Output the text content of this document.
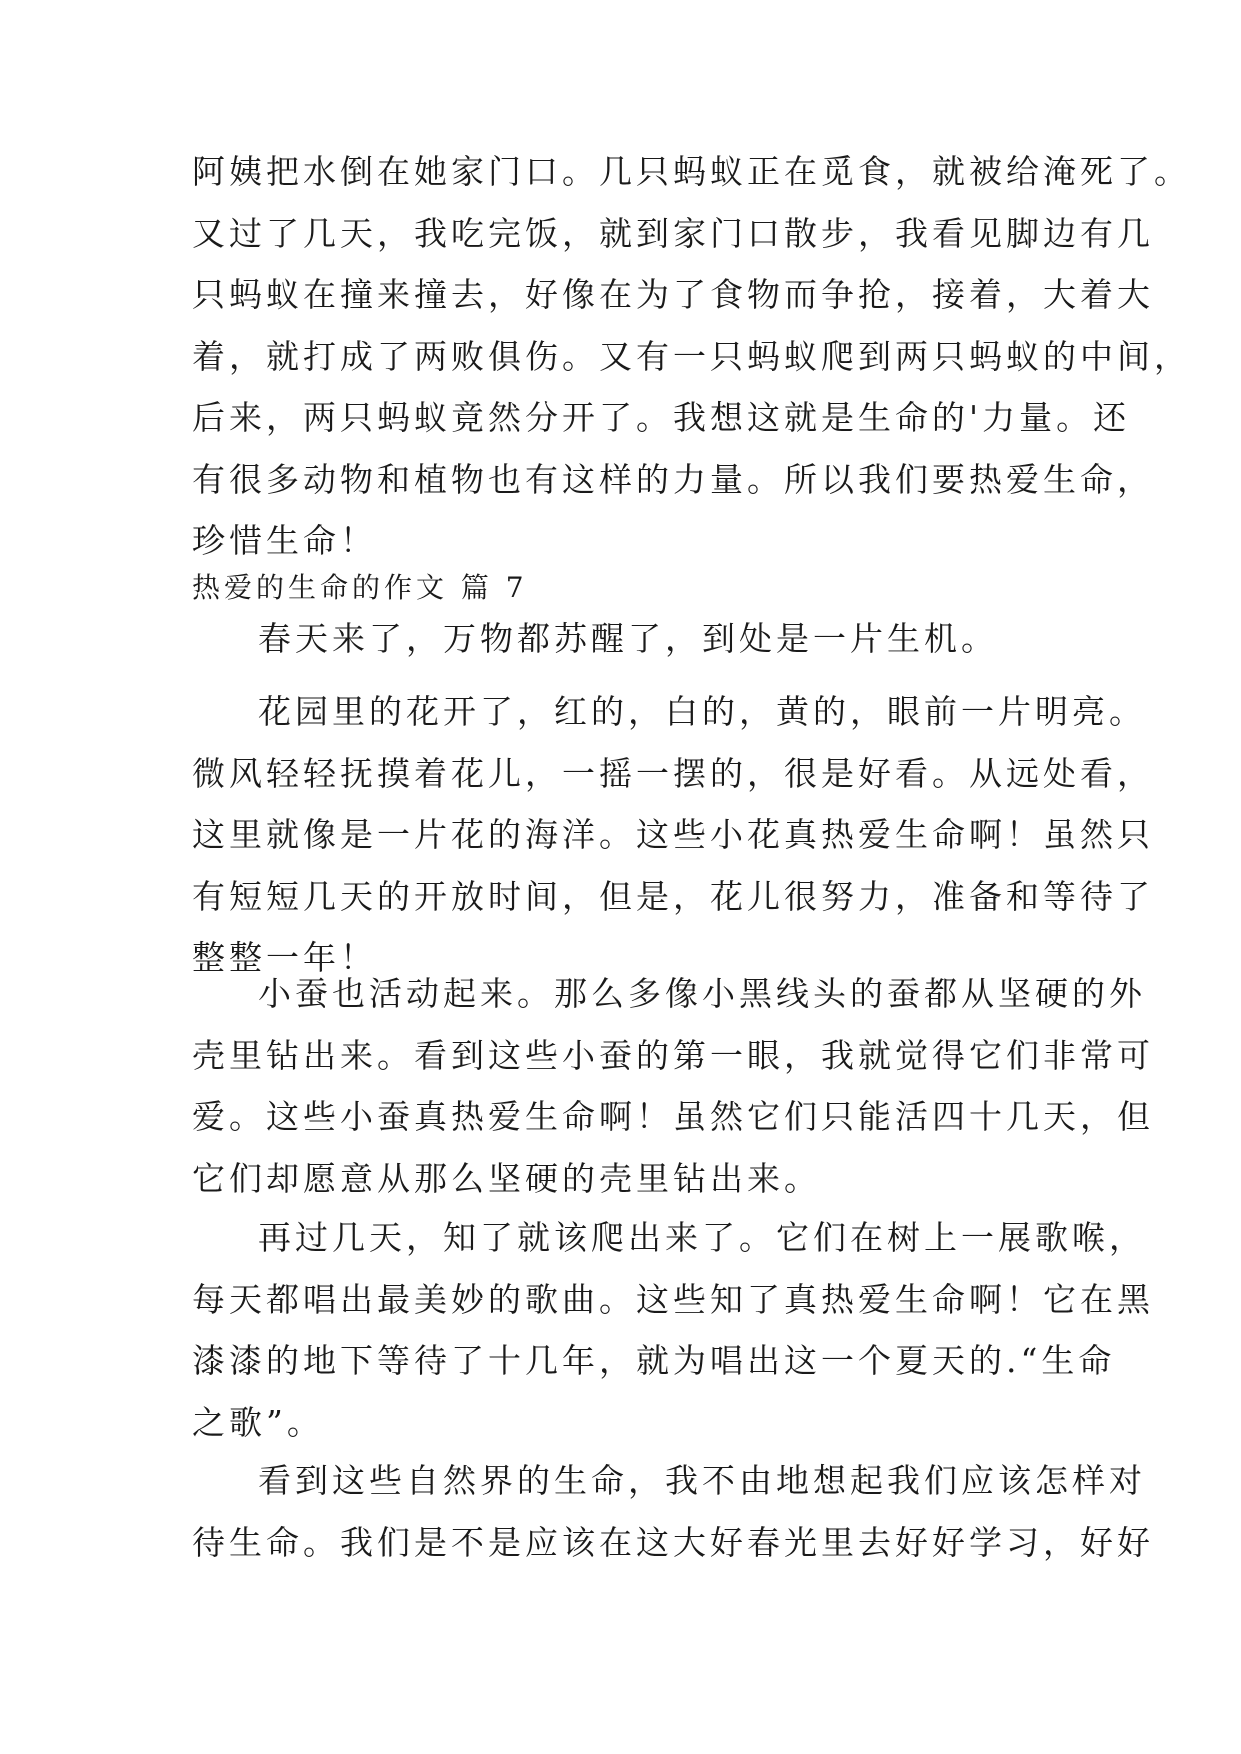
阿姨把水倒在她家门口。几只蚂蚁正在觅食，就被给淹死了。
又过了几天，我吃完饭，就到家门口散步，我看见脚边有几
只蚂蚁在撞来撞去，好像在为了食物而争抢，接着，大着大
着，就打成了两败俱伤。又有一只蚂蚁爬到两只蚂蚁的中间，
后来，两只蚂蚁竟然分开了。我想这就是生命的'力量。还
有很多动物和植物也有这样的力量。所以我们要热爱生命，
珍惜生命！
热爱的生命的作文 篇 7
春天来了，万物都苏醒了，到处是一片生机。
花园里的花开了，红的，白的，黄的，眼前一片明亮。
微风轻轻抚摸着花儿，一摇一摆的，很是好看。从远处看，
这里就像是一片花的海洋。这些小花真热爱生命啊！虽然只
有短短几天的开放时间，但是，花儿很努力，准备和等待了
整整一年！
小蚕也活动起来。那么多像小黑线头的蚕都从坚硬的外
壳里钻出来。看到这些小蚕的第一眼，我就觉得它们非常可
爱。这些小蚕真热爱生命啊！虽然它们只能活四十几天，但
它们却愿意从那么坚硬的壳里钻出来。
再过几天，知了就该爬出来了。它们在树上一展歌喉，
每天都唱出最美妙的歌曲。这些知了真热爱生命啊！它在黑
漆漆的地下等待了十几年，就为唱出这一个夏天的.“生命
之歌”。
看到这些自然界的生命，我不由地想起我们应该怎样对
待生命。我们是不是应该在这大好春光里去好好学习，好好
